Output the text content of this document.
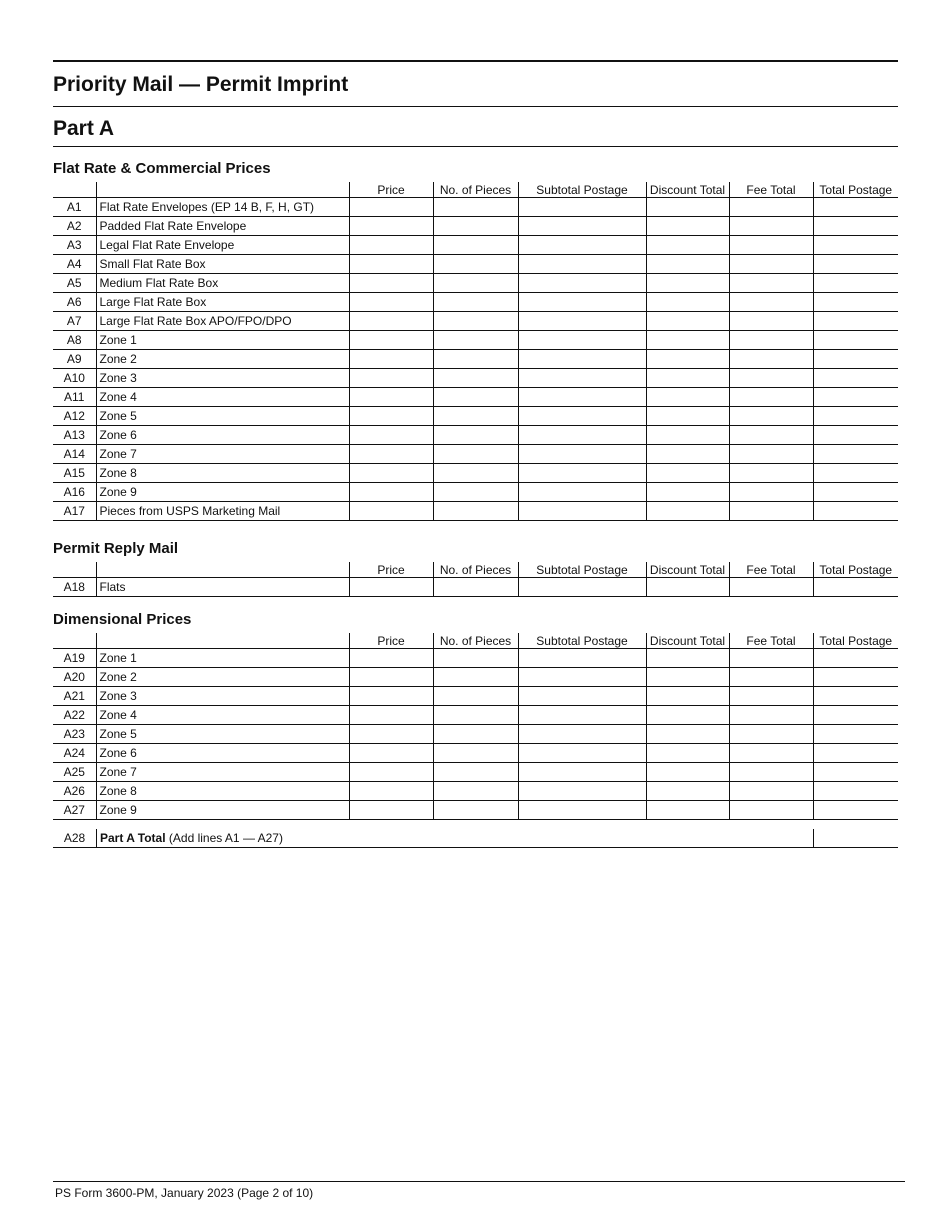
Priority Mail — Permit Imprint
Part A
Flat Rate & Commercial Prices
		Price	No. of Pieces	Subtotal Postage	Discount Total	Fee Total	Total Postage
A1	Flat Rate Envelopes (EP 14 B, F, H, GT)						
A2	Padded Flat Rate Envelope						
A3	Legal Flat Rate Envelope						
A4	Small Flat Rate Box						
A5	Medium Flat Rate Box						
A6	Large Flat Rate Box						
A7	Large Flat Rate Box APO/FPO/DPO						
A8	Zone 1						
A9	Zone 2						
A10	Zone 3						
A11	Zone 4						
A12	Zone 5						
A13	Zone 6						
A14	Zone 7						
A15	Zone 8						
A16	Zone 9						
A17	Pieces from USPS Marketing Mail						
Permit Reply Mail
		Price	No. of Pieces	Subtotal Postage	Discount Total	Fee Total	Total Postage
A18	Flats						
Dimensional Prices
		Price	No. of Pieces	Subtotal Postage	Discount Total	Fee Total	Total Postage
A19	Zone 1						
A20	Zone 2						
A21	Zone 3						
A22	Zone 4						
A23	Zone 5						
A24	Zone 6						
A25	Zone 7						
A26	Zone 8						
A27	Zone 9						
A28	Part A Total (Add lines A1 — A27)	
PS Form 3600-PM, January 2023 (Page 2 of 10)
